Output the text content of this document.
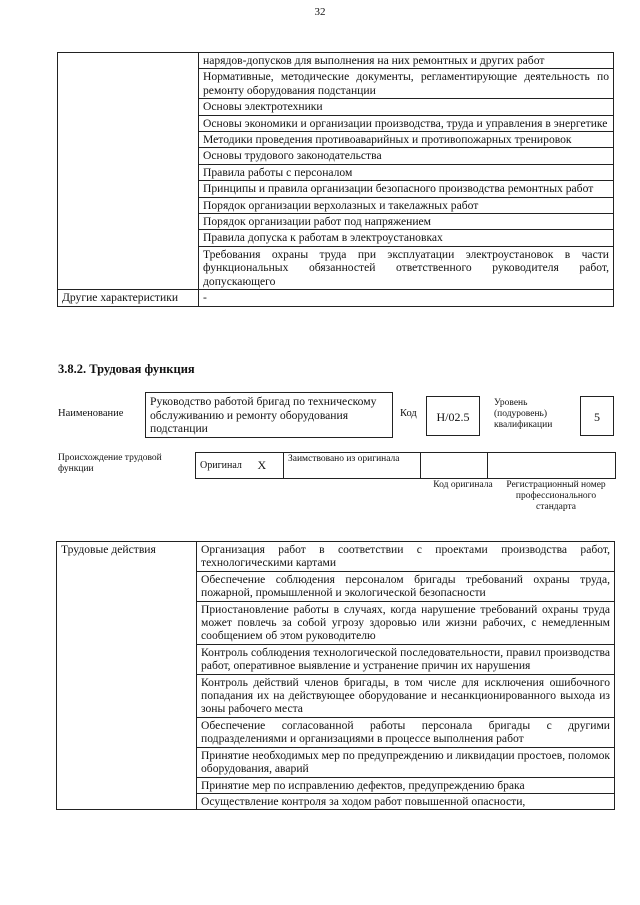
32
	нарядов-допусков для выполнения на них ремонтных и других работ
	Нормативные, методические документы, регламентирующие деятельность по ремонту оборудования подстанции
	Основы электротехники
	Основы экономики и организации производства, труда и управления в энергетике
	Методики проведения противоаварийных и противопожарных тренировок
	Основы трудового законодательства
	Правила работы с персоналом
	Принципы и правила организации безопасного производства ремонтных работ
	Порядок организации верхолазных и такелажных работ
	Порядок организации работ под напряжением
	Правила допуска к работам в электроустановках
	Требования охраны труда при эксплуатации электроустановок в части функциональных обязанностей ответственного руководителя работ, допускающего
Другие характеристики	-
3.8.2. Трудовая функция
Наименование
Руководство работой бригад по техническому обслуживанию и ремонту оборудования подстанции
Код	H/02.5
Уровень (подуровень) квалификации
5
Происхождение трудовой функции	Оригинал	X	Заимствовано из оригинала		
Код оригинала	Регистрационный номер профессионального стандарта
Трудовые действия	Организация работ в соответствии с проектами производства работ, технологическими картами
Обеспечение соблюдения персоналом бригады требований охраны труда, пожарной, промышленной и экологической безопасности
Приостановление работы в случаях, когда нарушение требований охраны труда может повлечь за собой угрозу здоровью или жизни рабочих, с немедленным сообщением об этом руководителю
Контроль соблюдения технологической последовательности, правил производства работ, оперативное выявление и устранение причин их нарушения
Контроль действий членов бригады, в том числе для исключения ошибочного попадания их на действующее оборудование и несанкционированного выхода из зоны рабочего места
Обеспечение согласованной работы персонала бригады с другими подразделениями и организациями в процессе выполнения работ
Принятие необходимых мер по предупреждению и ликвидации простоев, поломок оборудования, аварий
Принятие мер по исправлению дефектов, предупреждению брака
Осуществление контроля за ходом работ повышенной опасности,
